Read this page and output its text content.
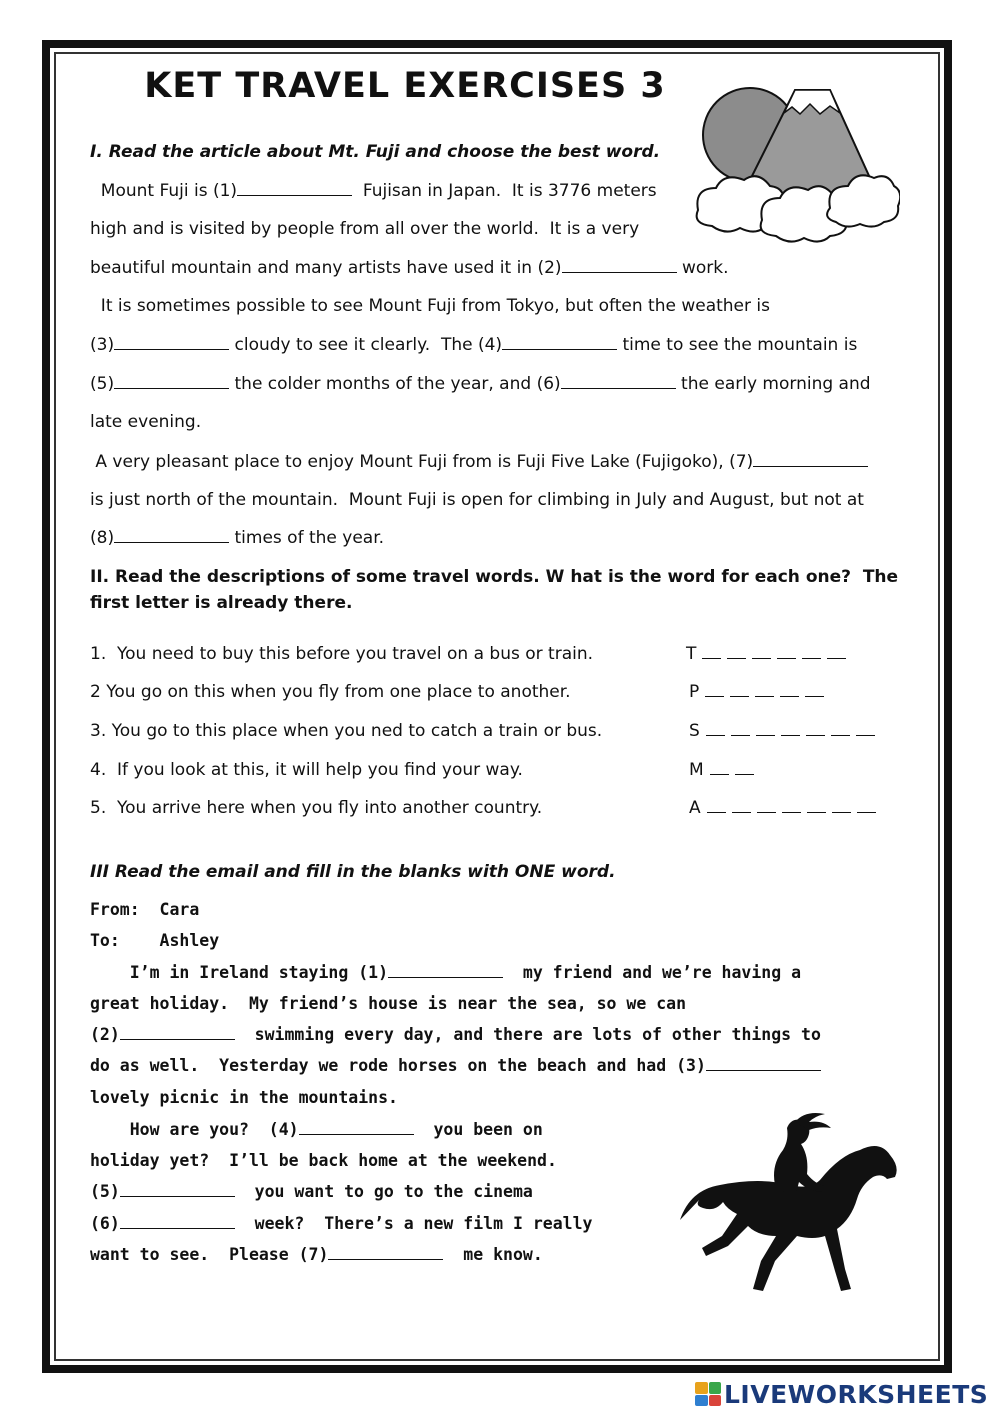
KET TRAVEL EXERCISES 3
I. Read the article about Mt. Fuji and choose the best word.
Mount Fuji is (1)	Fujisan in Japan.  It is 3776 meters
high and is visited by people from all over the world.  It is a very
beautiful mountain and many artists have used it in (2)	work.
It is sometimes possible to see Mount Fuji from Tokyo, but often the weather is
(3)	cloudy to see it clearly.  The (4)	time to see the mountain is
(5)	the colder months of the year, and (6)	the early morning and
late evening.
A very pleasant place to enjoy Mount Fuji from is Fuji Five Lake (Fujigoko), (7)
is just north of the mountain.  Mount Fuji is open for climbing in July and August, but not at
(8)	times of the year.
II. Read the descriptions of some travel words. W hat is the word for each one?  The
first letter is already there.
1.  You need to buy this before you travel on a bus or train.	T
2 You go on this when you fly from one place to another.	P
3. You go to this place when you ned to catch a train or bus.	S
4.  If you look at this, it will help you find your way.	M
5.  You arrive here when you fly into another country.	A
III Read the email and fill in the blanks with ONE word.
From:  Cara
To:    Ashley
I’m in Ireland staying (1)	my friend and we’re having a
great holiday.  My friend’s house is near the sea, so we can
(2)	swimming every day, and there are lots of other things to
do as well.  Yesterday we rode horses on the beach and had (3)
lovely picnic in the mountains.
How are you?  (4)	you been on
holiday yet?  I’ll be back home at the weekend.
(5)	you want to go to the cinema
(6)	week?  There’s a new film I really
want to see.  Please (7)	me know.
LIVEWORKSHEETS
